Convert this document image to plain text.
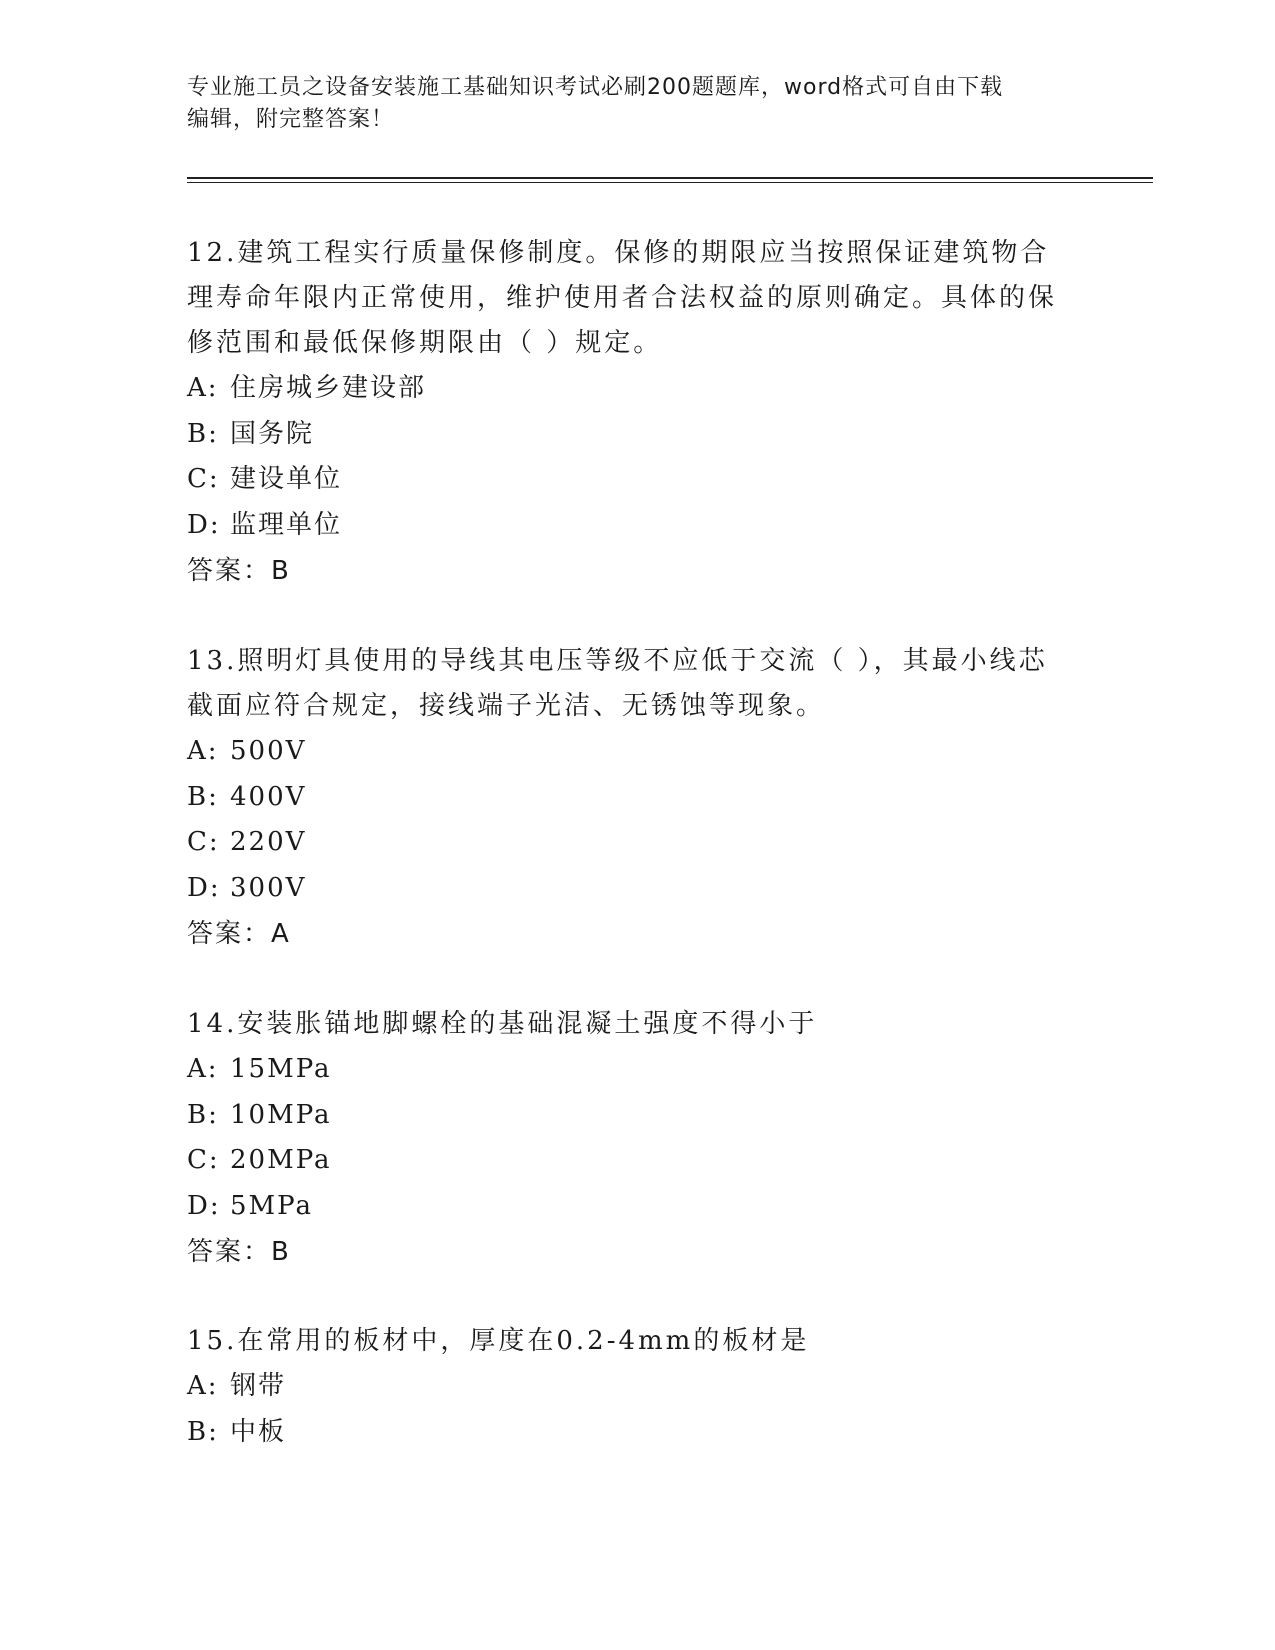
专业施工员之设备安装施工基础知识考试必刷200题题库，word格式可自由下载
编辑，附完整答案！

12.建筑工程实行质量保修制度。保修的期限应当按照保证建筑物合理寿命年限内正常使用，维护使用者合法权益的原则确定。具体的保修范围和最低保修期限由（ ）规定。

A: 住房城乡建设部
B: 国务院
C: 建设单位
D: 监理单位
答案：B

13.照明灯具使用的导线其电压等级不应低于交流（ ），其最小线芯截面应符合规定，接线端子光洁、无锈蚀等现象。

A: 500V
B: 400V
C: 220V
D: 300V
答案：A

14.安装胀锚地脚螺栓的基础混凝土强度不得小于

A: 15MPa
B: 10MPa
C: 20MPa
D: 5MPa
答案：B

15.在常用的板材中，厚度在0.2-4mm的板材是

A: 钢带
B: 中板
